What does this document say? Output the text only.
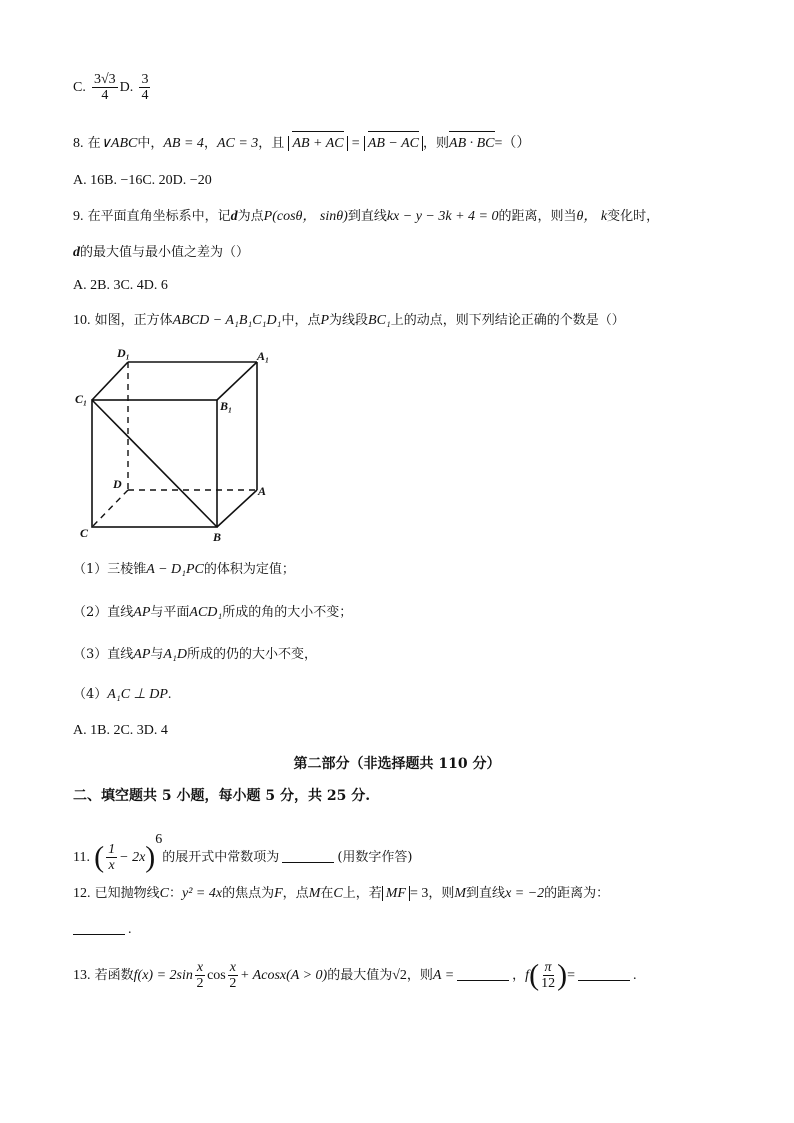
C. $\frac{3√3}{4} D$. $\frac{3}{4}$
8. 在∨ABC中，AB = 4，AC = 3，且 AB + AC = AB − AC ，则AB · BC=（）
A. 16B. −16C. 20D. −20
9. 在平面直角坐标系中，记d为点P(cosθ， sinθ)到直线kx − y − 3k + 4 = 0的距离，则当θ， k变化时，
d的最大值与最小值之差为（）
A. 2B. 3C. 4D. 6
10. 如图，正方体ABCD − A₁B₁C₁D₁中，点P为线段BC₁上的动点，则下列结论正确的个数是（）
D₁	A₁
C₁	B₁
D	A
C	B
（1）三棱锥A − D₁PC的体积为定值；
（2）直线AP与平面ACD₁所成的角的大小不变；
（3）直线AP与A₁D所成的仍的大小不变，
（4）A₁C ⊥ DP.
A. 1B. 2C. 3D. 4
第二部分（非选择题共 110 分）
二、填空题共 5 小题，每小题 5 分，共 25 分.
11. ( $\frac{1}{x} - 2x)^6$的展开式中常数项为	(用数字作答)
12. 已知抛物线C：y² = 4x的焦点为F，点M在C上，若 MF = 3，则M到直线x = −2的距离为：
.
13. 若函数$f(x) = 2\sin \frac{x}{2}$ $\cos \frac{x}{2} + Acosx(A > 0)$的最大值为√2，则A =	，$f( \frac{\pi}{12}$ )=	.
